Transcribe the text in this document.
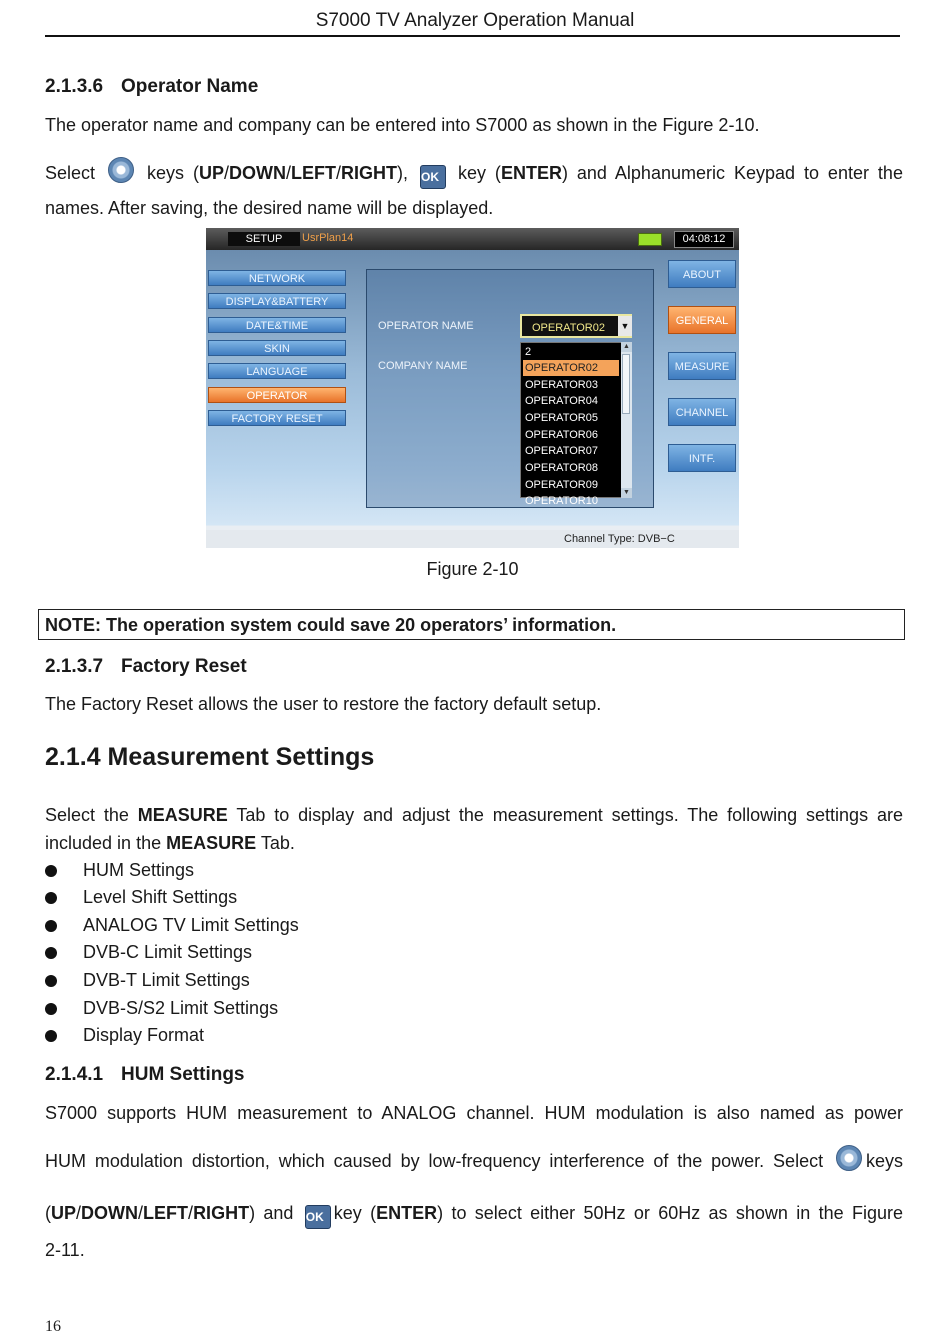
S7000 TV Analyzer Operation Manual
2.1.3.6 Operator Name
The operator name and company can be entered into S7000 as shown in the Figure 2-10.
Select	keys (UP/DOWN/LEFT/RIGHT), OK key (ENTER) and Alphanumeric Keypad to enter the
names. After saving, the desired name will be displayed.
SETUP	UsrPlan14	04:08:12
NETWORK
DISPLAY&BATTERY
DATE&TIME
SKIN
LANGUAGE
OPERATOR
FACTORY RESET
OPERATOR NAME
COMPANY NAME
OPERATOR02	▼
2
OPERATOR02
OPERATOR03
OPERATOR04
OPERATOR05
OPERATOR06
OPERATOR07
OPERATOR08
OPERATOR09
OPERATOR10
▲
▼
ABOUT
GENERAL
MEASURE
CHANNEL
INTF.
Channel Type: DVB−C
Figure 2-10
NOTE: The operation system could save 20 operators’ information.
2.1.3.7 Factory Reset
The Factory Reset allows the user to restore the factory default setup.
2.1.4 Measurement Settings
Select the MEASURE Tab to display and adjust the measurement settings. The following settings are
included in the MEASURE Tab.
HUM Settings
Level Shift Settings
ANALOG TV Limit Settings
DVB-C Limit Settings
DVB-T Limit Settings
DVB-S/S2 Limit Settings
Display Format
2.1.4.1 HUM Settings
S7000 supports HUM measurement to ANALOG channel. HUM modulation is also named as power
HUM modulation distortion, which caused by low-frequency interference of the power. Select keys
(UP/DOWN/LEFT/RIGHT) and OK key (ENTER) to select either 50Hz or 60Hz as shown in the Figure
2-11.
16
